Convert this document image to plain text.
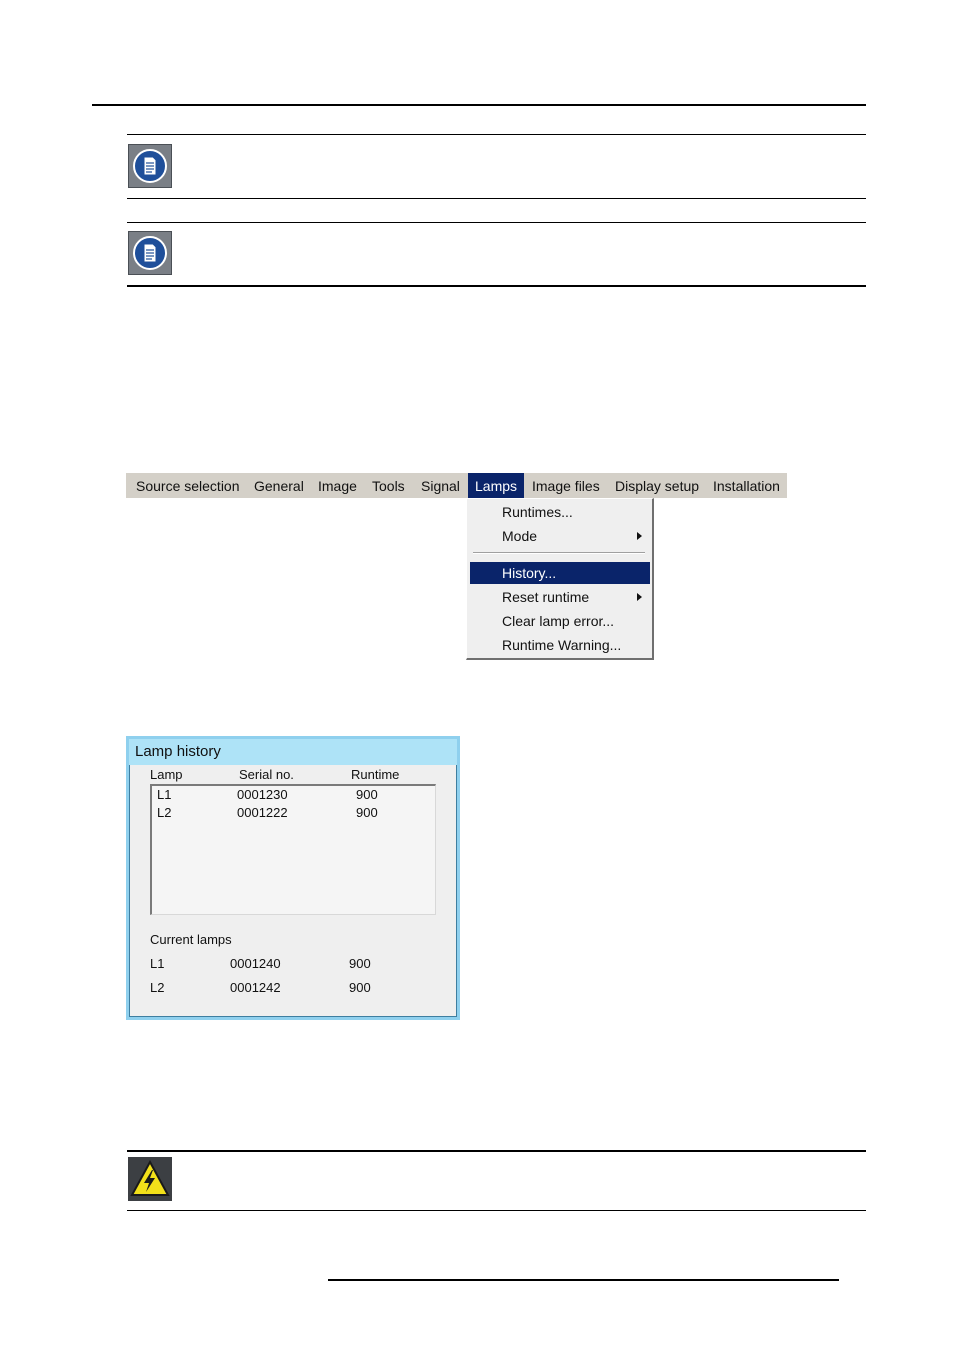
Source selection General Image Tools Signal	Lamps	Image files Display setup Installation
Runtimes...
Mode
History...
Reset runtime
Clear lamp error...
Runtime Warning...
Lamp history
Lamp	Serial no.	Runtime
L1	0001230	900
L2	0001222	900
Current lamps
L1	0001240	900
L2	0001242	900
